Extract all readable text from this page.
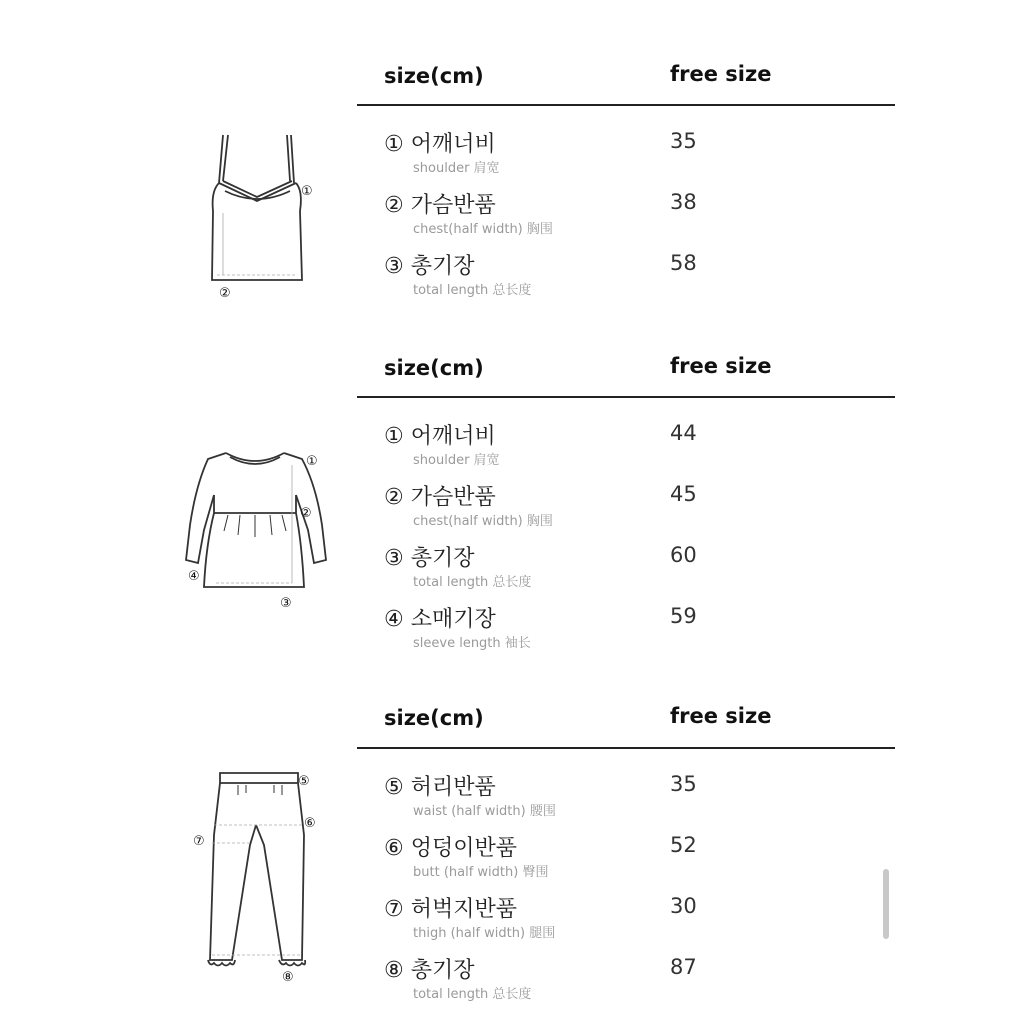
size(cm)	free size
① 어깨너비
shoulder 肩宽
35
② 가슴반품
chest(half width) 胸围
38
③ 총기장
total length 总长度
58
①
②
size(cm)	free size
① 어깨너비
shoulder 肩宽
44
② 가슴반품
chest(half width) 胸围
45
③ 총기장
total length 总长度
60
④ 소매기장
sleeve length 袖长
59
①
②
④
③
size(cm)	free size
⑤ 허리반품
waist (half width) 腰围
35
⑥ 엉덩이반품
butt (half width) 臀围
52
⑦ 허벅지반품
thigh (half width) 腿围
30
⑧ 총기장
total length 总长度
87
⑤
⑥
⑦
⑧
